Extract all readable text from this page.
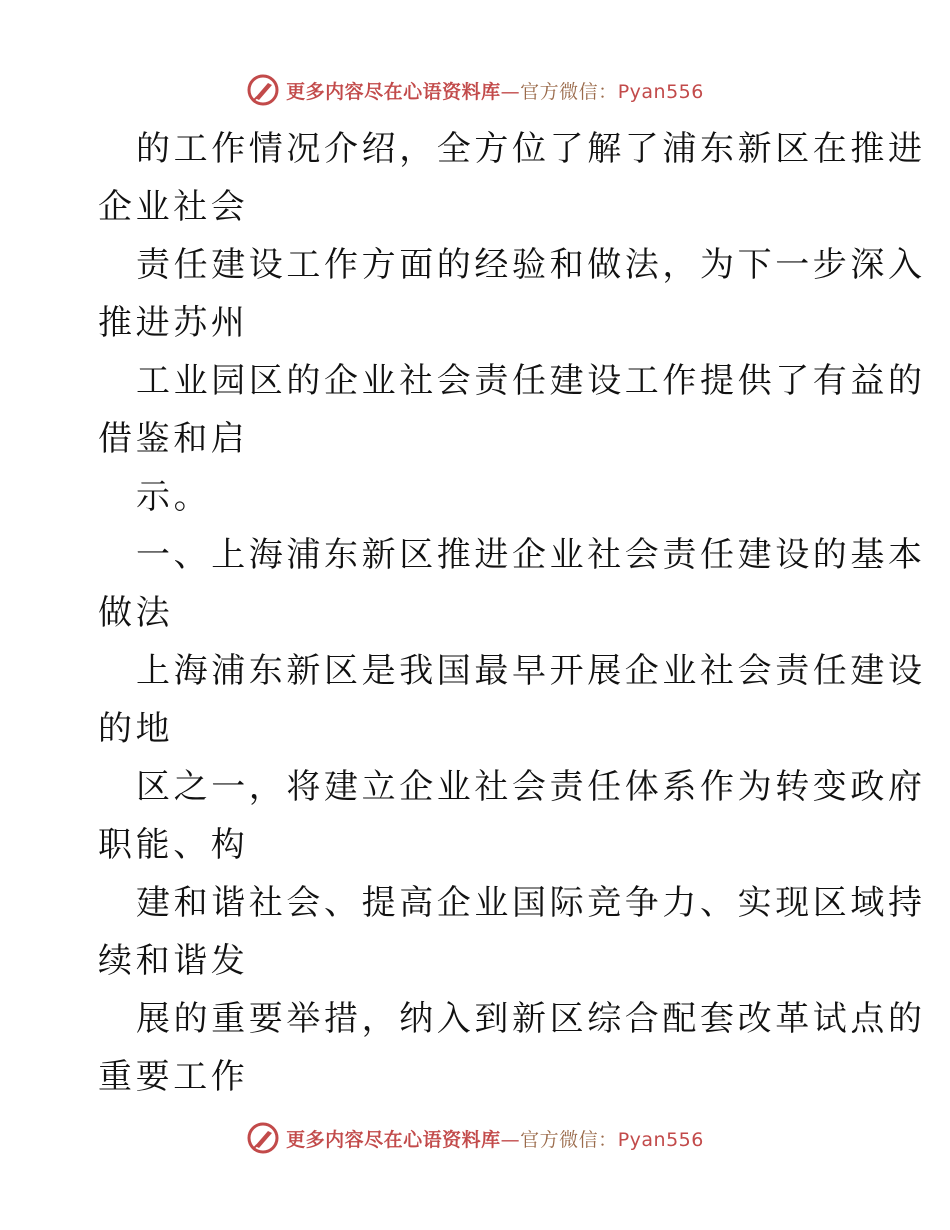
更多内容尽在心语资料库—官方微信：Pyan556
的工作情况介绍，全方位了解了浦东新区在推进
企业社会
责任建设工作方面的经验和做法，为下一步深入
推进苏州
工业园区的企业社会责任建设工作提供了有益的
借鉴和启
示。
一、上海浦东新区推进企业社会责任建设的基本
做法
上海浦东新区是我国最早开展企业社会责任建设
的地
区之一，将建立企业社会责任体系作为转变政府
职能、构
建和谐社会、提高企业国际竞争力、实现区域持
续和谐发
展的重要举措，纳入到新区综合配套改革试点的
重要工作
更多内容尽在心语资料库—官方微信：Pyan556
